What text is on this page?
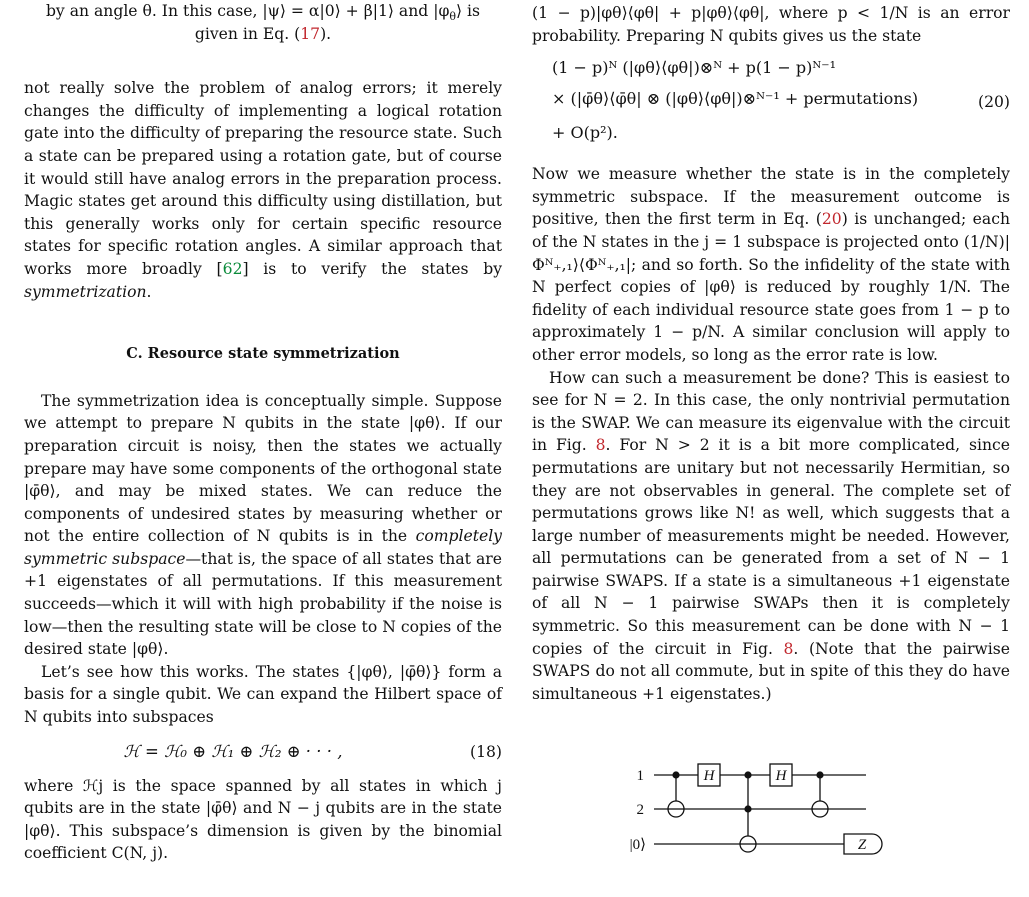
by an angle θ. In this case, |ψ⟩ = α|0⟩ + β|1⟩ and $|\varphi_\theta⟩$ is
given in Eq. (17).

not really solve the problem of analog errors; it merely changes the difficulty of implementing a logical rotation gate into the difficulty of preparing the resource state. Such a state can be prepared using a rotation gate, but of course it would still have analog errors in the preparation process. Magic states get around this difficulty using distillation, but this generally works only for certain specific resource states for specific rotation angles. A similar approach that works more broadly [62] is to verify the states by symmetrization.

C. Resource state symmetrization

The symmetrization idea is conceptually simple. Suppose we attempt to prepare N qubits in the state |φθ⟩. If our preparation circuit is noisy, then the states we actually prepare may have some components of the orthogonal state |φ̄θ⟩, and may be mixed states. We can reduce the components of undesired states by measuring whether or not the entire collection of N qubits is in the completely symmetric subspace—that is, the space of all states that are +1 eigenstates of all permutations. If this measurement succeeds—which it will with high probability if the noise is low—then the resulting state will be close to N copies of the desired state |φθ⟩.

Let’s see how this works. The states {|φθ⟩, |φ̄θ⟩} form a basis for a single qubit. We can expand the Hilbert space of N qubits into subspaces

ℋ = ℋ₀ ⊕ ℋ₁ ⊕ ℋ₂ ⊕ · · · ,	(18)

where ℋj is the space spanned by all states in which j qubits are in the state |φ̄θ⟩ and N − j qubits are in the state |φθ⟩. This subspace’s dimension is given by the binomial coefficient C(N, j).

(1 − p)|φθ⟩⟨φθ| + p|φθ⟩⟨φθ|, where p < 1/N is an error probability. Preparing N qubits gives us the state

(1 − p)ᴺ (|φθ⟩⟨φθ|)⊗ᴺ + p(1 − p)ᴺ⁻¹
× (|φ̄θ⟩⟨φ̄θ| ⊗ (|φθ⟩⟨φθ|)⊗ᴺ⁻¹ + permutations)
+ O(p²).
(20)

Now we measure whether the state is in the completely symmetric subspace. If the measurement outcome is positive, then the first term in Eq. (20) is unchanged; each of the N states in the j = 1 subspace is projected onto (1/N)|Φᴺ₊,₁⟩⟨Φᴺ₊,₁|; and so forth. So the infidelity of the state with N perfect copies of |φθ⟩ is reduced by roughly 1/N. The fidelity of each individual resource state goes from 1 − p to approximately 1 − p/N. A similar conclusion will apply to other error models, so long as the error rate is low.

How can such a measurement be done? This is easiest to see for N = 2. In this case, the only nontrivial permutation is the SWAP. We can measure its eigenvalue with the circuit in Fig. 8. For N > 2 it is a bit more complicated, since permutations are unitary but not necessarily Hermitian, so they are not observables in general. The complete set of permutations grows like N! as well, which suggests that a large number of measurements might be needed. However, all permutations can be generated from a set of N − 1 pairwise SWAPS. If a state is a simultaneous +1 eigenstate of all N − 1 pairwise SWAPs then it is completely symmetric. So this measurement can be done with N − 1 copies of the circuit in Fig. 8. (Note that the pairwise SWAPS do not all commute, but in spite of this they do have simultaneous +1 eigenstates.)

1
2
|0⟩
H	H
Z
